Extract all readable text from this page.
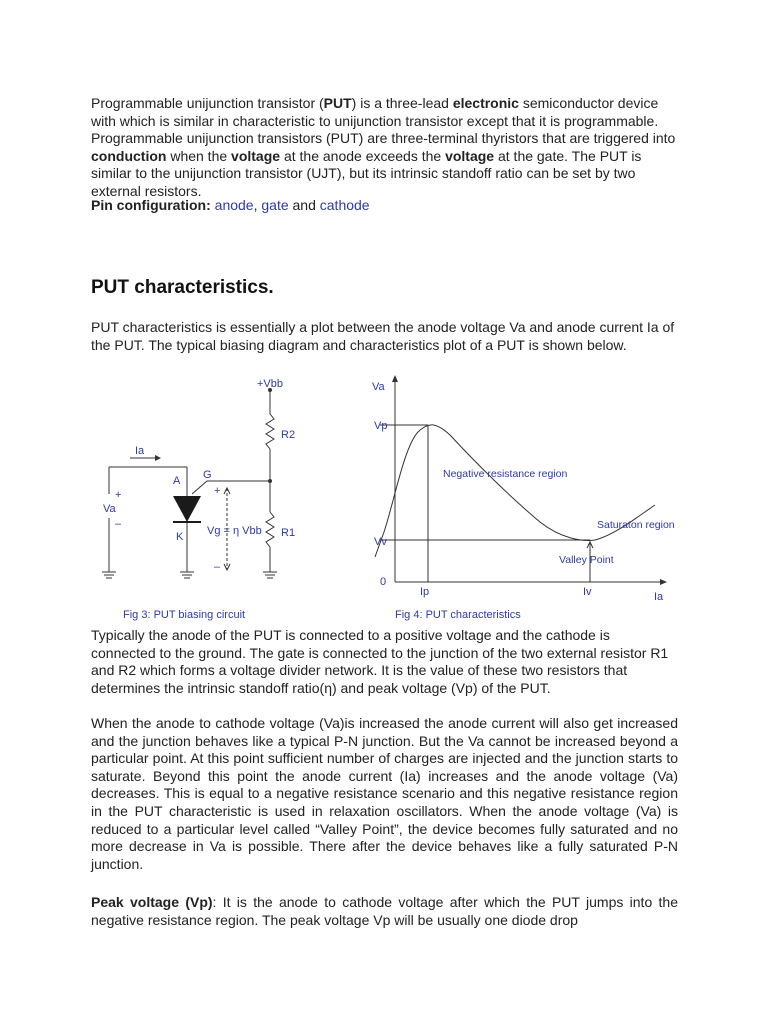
Programmable unijunction transistor (PUT) is a three-lead electronic semiconductor device with which is similar in characteristic to unijunction transistor except that it is programmable. Programmable unijunction transistors (PUT) are three-terminal thyristors that are triggered into conduction when the voltage at the anode exceeds the voltage at the gate. The PUT is similar to the unijunction transistor (UJT), but its intrinsic standoff ratio can be set by two external resistors.

Pin configuration: anode, gate and cathode

PUT characteristics.

PUT characteristics is essentially a plot between the anode voltage Va and anode current Ia of the PUT. The typical biasing diagram and characteristics plot of a PUT is shown below.

+Vbb
R2
R1
Ia
A G
K
Va
+
–
+
–
Vg = η Vbb
Fig 3: PUT biasing circuit
Va
Vp
Vv
0
Ip	Iv	Ia
Negative resistance region
Saturaton region
Valley Point
Fig 4: PUT characteristics

Typically the anode of the PUT is connected to a positive voltage and the cathode is connected to the ground. The gate is connected to the junction of the two external resistor R1 and R2 which forms a voltage divider network. It is the value of these two resistors that determines the intrinsic standoff ratio(η) and peak voltage (Vp) of the PUT.

When the anode to cathode voltage (Va)is increased the anode current will also get increased and the junction behaves like a typical P-N junction. But the Va cannot be increased beyond a particular point. At this point sufficient number of charges are injected and the junction starts to saturate. Beyond this point the anode current (Ia) increases and the anode voltage (Va) decreases. This is equal to a negative resistance scenario and this negative resistance region in the PUT characteristic is used in relaxation oscillators. When the anode voltage (Va) is reduced to a particular level called “Valley Point”, the device becomes fully saturated and no more decrease in Va is possible. There after the device behaves like a fully saturated P-N junction.

Peak voltage (Vp): It is the anode to cathode voltage after which the PUT jumps into the negative resistance region. The peak voltage Vp will be usually one diode drop
